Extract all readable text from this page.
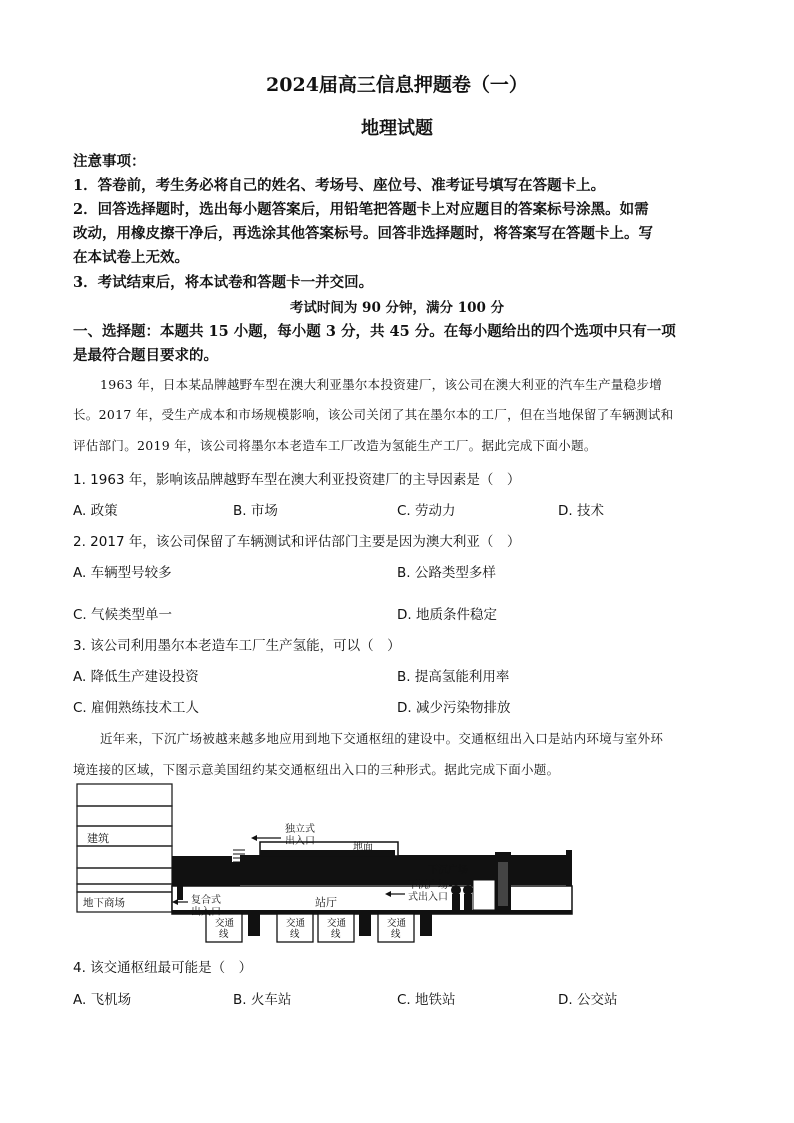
2024届高三信息押题卷（一）
地理试题
注意事项：
1．答卷前，考生务必将自己的姓名、考场号、座位号、准考证号填写在答题卡上。
2．回答选择题时，选出每小题答案后，用铅笔把答题卡上对应题目的答案标号涂黑。如需
改动，用橡皮擦干净后，再选涂其他答案标号。回答非选择题时，将答案写在答题卡上。写
在本试卷上无效。
3．考试结束后，将本试卷和答题卡一并交回。
考试时间为 90 分钟，满分 100 分
一、选择题：本题共 15 小题，每小题 3 分，共 45 分。在每小题给出的四个选项中只有一项
是最符合题目要求的。
1963 年，日本某品牌越野车型在澳大利亚墨尔本投资建厂，该公司在澳大利亚的汽车生产量稳步增
长。2017 年，受生产成本和市场规模影响，该公司关闭了其在墨尔本的工厂，但在当地保留了车辆测试和
评估部门。2019 年，该公司将墨尔本老造车工厂改造为氢能生产工厂。据此完成下面小题。
1. 1963 年，影响该品牌越野车型在澳大利亚投资建厂的主导因素是（　）
A. 政策	B. 市场	C. 劳动力	D. 技术
2. 2017 年，该公司保留了车辆测试和评估部门主要是因为澳大利亚（　）
A. 车辆型号较多	B. 公路类型多样
C. 气候类型单一	D. 地质条件稳定
3. 该公司利用墨尔本老造车工厂生产氢能，可以（　）
A. 降低生产建设投资	B. 提高氢能利用率
C. 雇佣熟练技术工人	D. 减少污染物排放
近年来，下沉广场被越来越多地应用到地下交通枢纽的建设中。交通枢纽出入口是站内环境与室外环
境连接的区域，下图示意美国纽约某交通枢纽出入口的三种形式。据此完成下面小题。
建筑
地下商场	站厅
交通
线
交通
线
交通
线
交通
线
独立式
出入口
地面
复合式
出入口
下沉广场
下沉广场
式出入口
4. 该交通枢纽最可能是（　）
A. 飞机场	B. 火车站	C. 地铁站	D. 公交站
